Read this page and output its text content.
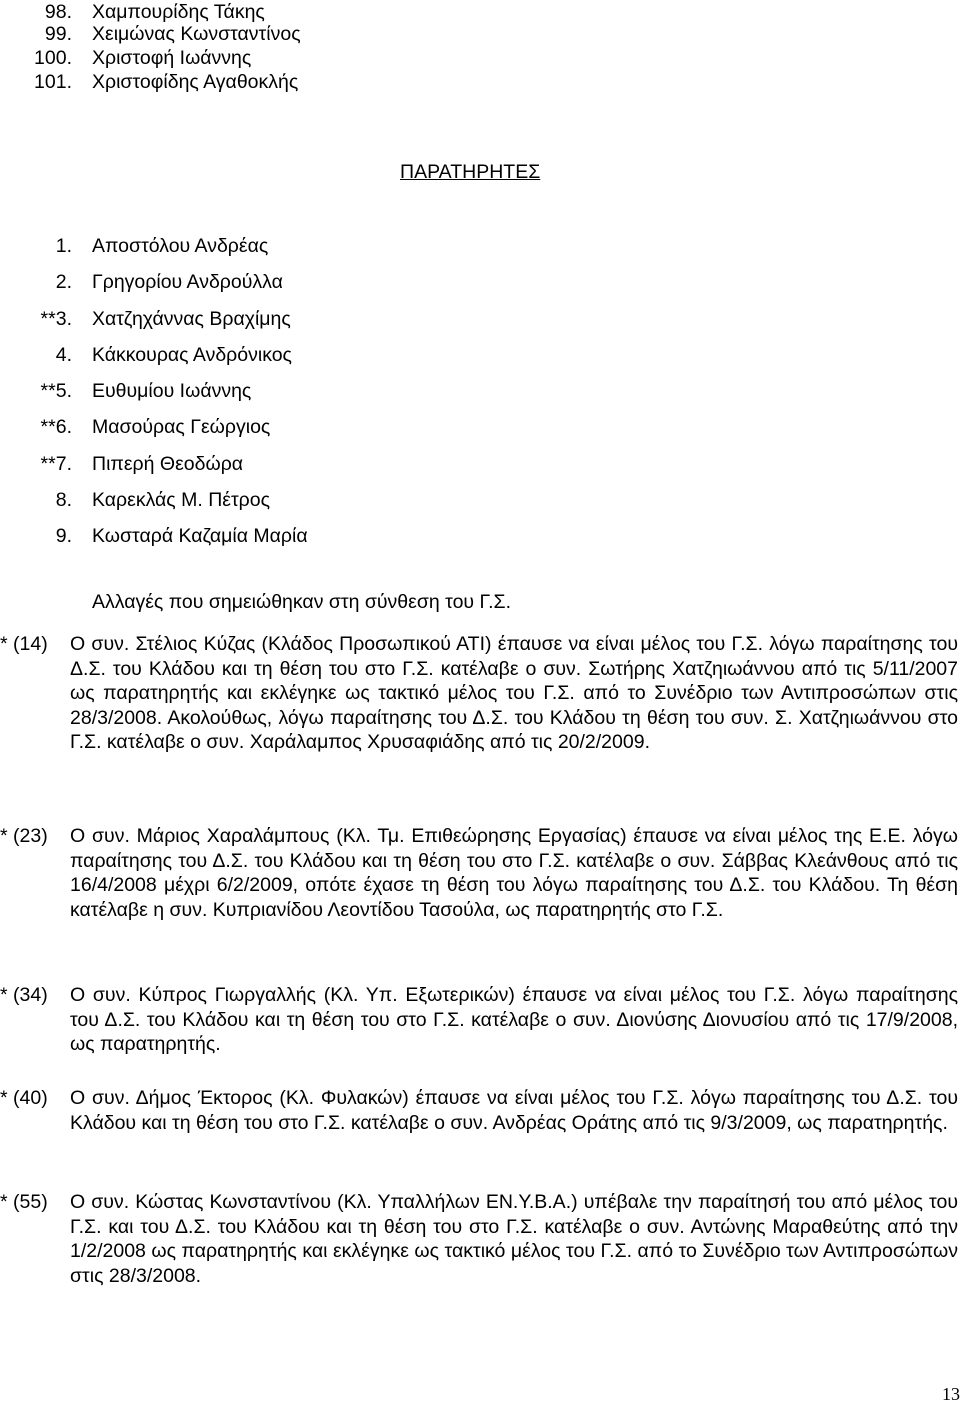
98. Χαμπουρίδης Τάκης
99. Χειμώνας Κωνσταντίνος
100. Χριστοφή Ιωάννης
101. Χριστοφίδης Αγαθοκλής
ΠΑΡΑΤΗΡΗΤΕΣ
1. Αποστόλου Ανδρέας
2. Γρηγορίου Ανδρούλλα
**3. Χατζηχάννας Βραχίμης
4. Κάκκουρας Ανδρόνικος
**5. Ευθυμίου Ιωάννης
**6. Μασούρας Γεώργιος
**7. Πιπερή Θεοδώρα
8. Καρεκλάς Μ. Πέτρος
9. Κωσταρά Καζαμία Μαρία
Αλλαγές που σημειώθηκαν στη σύνθεση του Γ.Σ.
* (14) Ο συν. Στέλιος Κύζας (Κλάδος Προσωπικού ΑΤΙ) έπαυσε να είναι μέλος του Γ.Σ. λόγω παραίτησης του Δ.Σ. του Κλάδου και τη θέση του στο Γ.Σ. κατέλαβε ο συν. Σωτήρης Χατζηιωάννου από τις 5/11/2007 ως παρατηρητής και εκλέγηκε ως τακτικό μέλος του Γ.Σ. από το Συνέδριο των Αντιπροσώπων στις 28/3/2008. Ακολούθως, λόγω παραίτησης του Δ.Σ. του Κλάδου τη θέση του συν. Σ. Χατζηιωάννου στο Γ.Σ. κατέλαβε ο συν. Χαράλαμπος Χρυσαφιάδης από τις 20/2/2009.
* (23) Ο συν. Μάριος Χαραλάμπους (Κλ. Τμ. Επιθεώρησης Εργασίας) έπαυσε να είναι μέλος της Ε.Ε. λόγω παραίτησης του Δ.Σ. του Κλάδου και τη θέση του στο Γ.Σ. κατέλαβε ο συν. Σάββας Κλεάνθους από τις 16/4/2008 μέχρι 6/2/2009, οπότε έχασε τη θέση του λόγω παραίτησης του Δ.Σ. του Κλάδου. Τη θέση κατέλαβε η συν. Κυπριανίδου Λεοντίδου Τασούλα, ως παρατηρητής στο Γ.Σ.
* (34) Ο συν. Κύπρος Γιωργαλλής (Κλ. Υπ. Εξωτερικών) έπαυσε να είναι μέλος του Γ.Σ. λόγω παραίτησης του Δ.Σ. του Κλάδου και τη θέση του στο Γ.Σ. κατέλαβε ο συν. Διονύσης Διονυσίου από τις 17/9/2008, ως παρατηρητής.
* (40) Ο συν. Δήμος Έκτορος (Κλ. Φυλακών) έπαυσε να είναι μέλος του Γ.Σ. λόγω παραίτησης του Δ.Σ. του Κλάδου και τη θέση του στο Γ.Σ. κατέλαβε ο συν. Ανδρέας Οράτης από τις 9/3/2009, ως παρατηρητής.
* (55) Ο συν. Κώστας Κωνσταντίνου (Κλ. Υπαλλήλων ΕΝ.Υ.Β.Α.) υπέβαλε την παραίτησή του από μέλος του Γ.Σ. και του Δ.Σ. του Κλάδου και τη θέση του στο Γ.Σ. κατέλαβε ο συν. Αντώνης Μαραθεύτης από την 1/2/2008 ως παρατηρητής και εκλέγηκε ως τακτικό μέλος του Γ.Σ. από το Συνέδριο των Αντιπροσώπων στις 28/3/2008.
13
